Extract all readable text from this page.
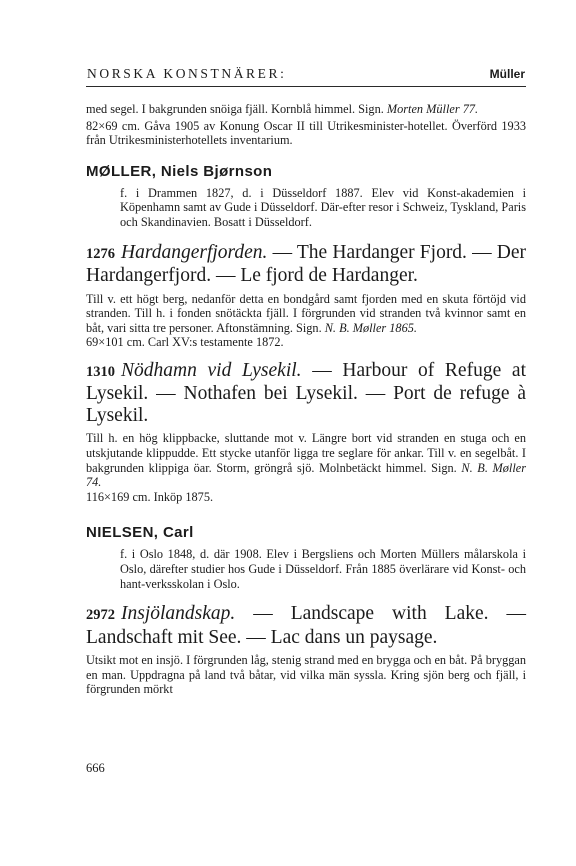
NORSKA KONSTNÄRER:	Müller

med segel. I bakgrunden snöiga fjäll. Kornblå himmel. Sign. Morten Müller 77.

82×69 cm. Gåva 1905 av Konung Oscar II till Utrikesminister-hotellet. Överförd 1933 från Utrikesministerhotellets inventarium.

MØLLER, Niels Bjørnson

f. i Drammen 1827, d. i Düsseldorf 1887. Elev vid Konst-akademien i Köpenhamn samt av Gude i Düsseldorf. Där-efter resor i Schweiz, Tyskland, Paris och Skandinavien. Bosatt i Düsseldorf.

1276 Hardangerfjorden. — The Hardanger Fjord. — Der Hardangerfjord. — Le fjord de Hardanger.

Till v. ett högt berg, nedanför detta en bondgård samt fjorden med en skuta förtöjd vid stranden. Till h. i fonden snötäckta fjäll. I förgrunden vid stranden två kvinnor samt en båt, vari sitta tre personer. Aftonstämning. Sign. N. B. Møller 1865.

69×101 cm. Carl XV:s testamente 1872.

1310 Nödhamn vid Lysekil. — Harbour of Refuge at Lysekil. — Nothafen bei Lysekil. — Port de refuge à Lysekil.

Till h. en hög klippbacke, sluttande mot v. Längre bort vid stranden en stuga och en utskjutande klippudde. Ett stycke utanför ligga tre seglare för ankar. Till v. en segelbåt. I bakgrunden klippiga öar. Storm, gröngrå sjö. Molnbetäckt himmel. Sign. N. B. Møller 74.

116×169 cm. Inköp 1875.

NIELSEN, Carl

f. i Oslo 1848, d. där 1908. Elev i Bergsliens och Morten Müllers målarskola i Oslo, därefter studier hos Gude i Düsseldorf. Från 1885 överlärare vid Konst- och hant-verksskolan i Oslo.

2972 Insjölandskap. — Landscape with Lake. — Landschaft mit See. — Lac dans un paysage.

Utsikt mot en insjö. I förgrunden låg, stenig strand med en brygga och en båt. På bryggan en man. Uppdragna på land två båtar, vid vilka män syssla. Kring sjön berg och fjäll, i förgrunden mörkt

666
